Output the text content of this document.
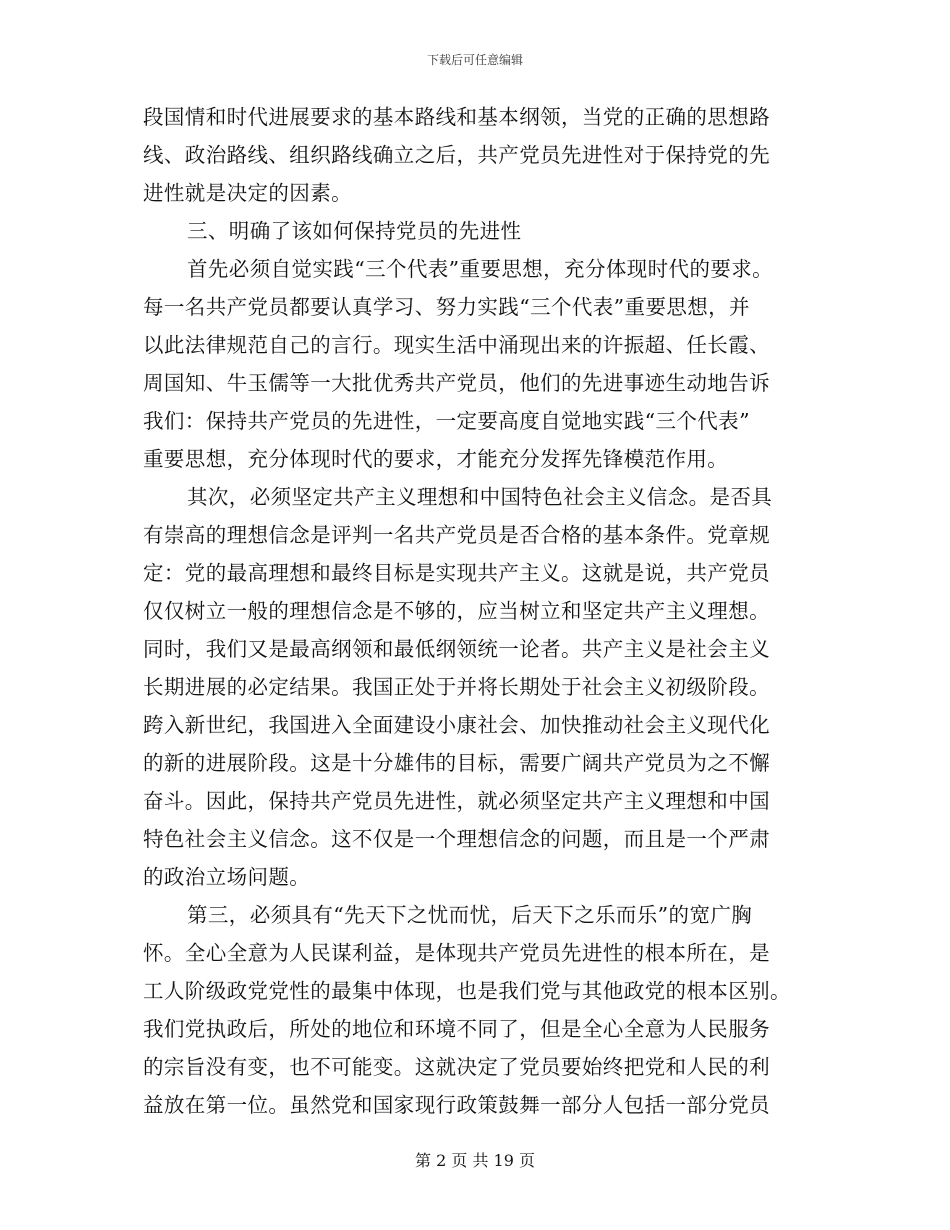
下载后可任意编辑
段国情和时代进展要求的基本路线和基本纲领，当党的正确的思想路
线、政治路线、组织路线确立之后，共产党员先进性对于保持党的先
进性就是决定的因素。
三、明确了该如何保持党员的先进性
首先必须自觉实践“三个代表”重要思想，充分体现时代的要求。
每一名共产党员都要认真学习、努力实践“三个代表”重要思想，并
以此法律规范自己的言行。现实生活中涌现出来的许振超、任长霞、
周国知、牛玉儒等一大批优秀共产党员，他们的先进事迹生动地告诉
我们：保持共产党员的先进性，一定要高度自觉地实践“三个代表”
重要思想，充分体现时代的要求，才能充分发挥先锋模范作用。
其次，必须坚定共产主义理想和中国特色社会主义信念。是否具
有崇高的理想信念是评判一名共产党员是否合格的基本条件。党章规
定：党的最高理想和最终目标是实现共产主义。这就是说，共产党员
仅仅树立一般的理想信念是不够的，应当树立和坚定共产主义理想。
同时，我们又是最高纲领和最低纲领统一论者。共产主义是社会主义
长期进展的必定结果。我国正处于并将长期处于社会主义初级阶段。
跨入新世纪，我国进入全面建设小康社会、加快推动社会主义现代化
的新的进展阶段。这是十分雄伟的目标，需要广阔共产党员为之不懈
奋斗。因此，保持共产党员先进性，就必须坚定共产主义理想和中国
特色社会主义信念。这不仅是一个理想信念的问题，而且是一个严肃
的政治立场问题。
第三，必须具有“先天下之忧而忧，后天下之乐而乐”的宽广胸
怀。全心全意为人民谋利益，是体现共产党员先进性的根本所在，是
工人阶级政党党性的最集中体现，也是我们党与其他政党的根本区别。
我们党执政后，所处的地位和环境不同了，但是全心全意为人民服务
的宗旨没有变，也不可能变。这就决定了党员要始终把党和人民的利
益放在第一位。虽然党和国家现行政策鼓舞一部分人包括一部分党员
第 2 页 共 19 页
